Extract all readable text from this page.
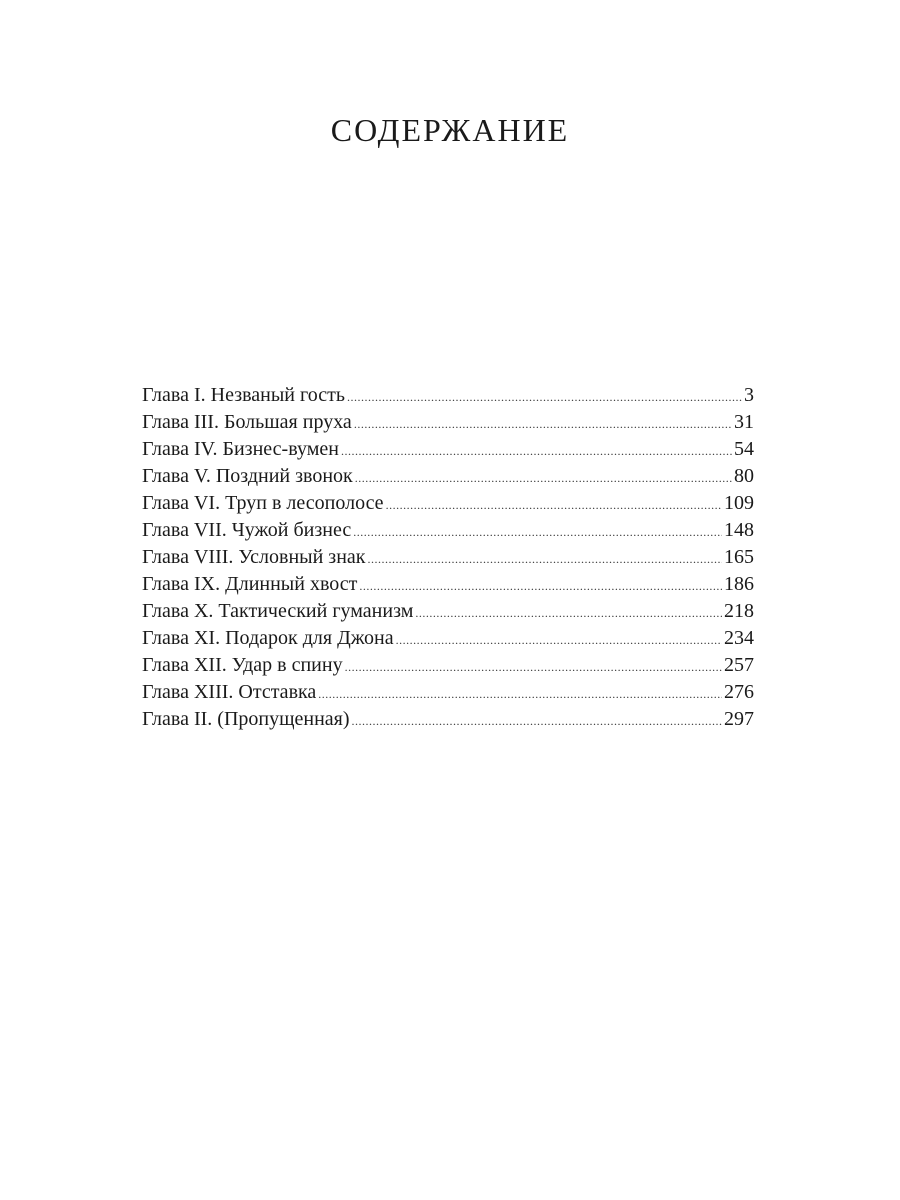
СОДЕРЖАНИЕ
Глава I. Незваный гость .....	3
Глава III. Большая пруха .....	31
Глава IV. Бизнес-вумен .....	54
Глава V. Поздний звонок .....	80
Глава VI. Труп в лесополосе .....	109
Глава VII. Чужой бизнес .....	148
Глава VIII. Условный знак .....	165
Глава IX. Длинный хвост .....	186
Глава X. Тактический гуманизм .....	218
Глава XI. Подарок для Джона .....	234
Глава XII. Удар в спину .....	257
Глава XIII. Отставка .....	276
Глава II. (Пропущенная) .....	297
